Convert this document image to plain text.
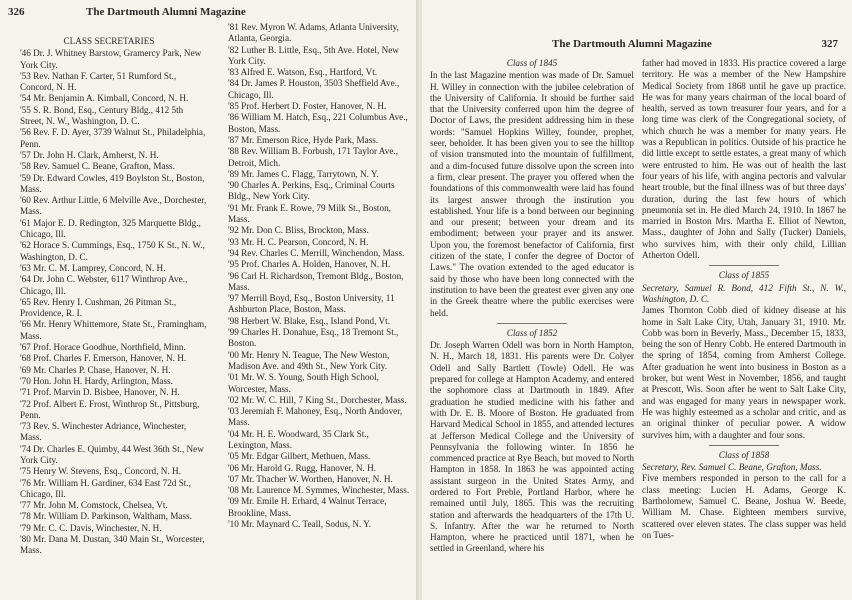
326	The Dartmouth Alumni Magazine
CLASS SECRETARIES

'46 Dr. J. Whitney Barstow, Gramercy Park, New York City.

'53 Rev. Nathan F. Carter, 51 Rumford St., Concord, N. H.

'54 Mr. Benjamin A. Kimball, Concord, N. H.

'55 S. R. Bond, Esq., Century Bldg., 412 5th Street, N. W., Washington, D. C.

'56 Rev. F. D. Ayer, 3739 Walnut St., Philadelphia, Penn.

'57 Dr. John H. Clark, Amherst, N. H.

'58 Rev. Samuel C. Beane, Grafton, Mass.

'59 Dr. Edward Cowles, 419 Boylston St., Boston, Mass.

'60 Rev. Arthur Little, 6 Melville Ave., Dorchester, Mass.

'61 Major E. D. Redington, 325 Marquette Bldg., Chicago, Ill.

'62 Horace S. Cummings, Esq., 1750 K St., N. W., Washington, D. C.

'63 Mr. C. M. Lamprey, Concord, N. H.

'64 Dr. John C. Webster, 6117 Winthrop Ave., Chicago, Ill.

'65 Rev. Henry I. Cushman, 26 Pitman St., Providence, R. I.

'66 Mr. Henry Whittemore, State St., Framingham, Mass.

'67 Prof. Horace Goodhue, Northfield, Minn.

'68 Prof. Charles F. Emerson, Hanover, N. H.

'69 Mr. Charles P. Chase, Hanover, N. H.

'70 Hon. John H. Hardy, Arlington, Mass.

'71 Prof. Marvin D. Bisbee, Hanover, N. H.

'72 Prof. Albert E. Frost, Winthrop St., Pittsburg, Penn.

'73 Rev. S. Winchester Adriance, Winchester, Mass.

'74 Dr. Charles E. Quimby, 44 West 36th St., New York City.

'75 Henry W. Stevens, Esq., Concord, N. H.

'76 Mr. William H. Gardiner, 634 East 72d St., Chicago, Ill.

'77 Mr. John M. Comstock, Chelsea, Vt.

'78 Mr. William D. Parkinson, Waltham, Mass.

'79 Mr. C. C. Davis, Winchester, N. H.

'80 Mr. Dana M. Dustan, 340 Main St., Worcester, Mass.

'81 Rev. Myron W. Adams, Atlanta University, Atlanta, Georgia.

'82 Luther B. Little, Esq., 5th Ave. Hotel, New York City.

'83 Alfred E. Watson, Esq., Hartford, Vt.

'84 Dr. James P. Houston, 3503 Sheffield Ave., Chicago, Ill.

'85 Prof. Herbert D. Foster, Hanover, N. H.

'86 William M. Hatch, Esq., 221 Columbus Ave., Boston, Mass.

'87 Mr. Emerson Rice, Hyde Park, Mass.

'88 Rev. William B. Forbush, 171 Taylor Ave., Detroit, Mich.

'89 Mr. James C. Flagg, Tarrytown, N. Y.

'90 Charles A. Perkins, Esq., Criminal Courts Bldg., New York City.

'91 Mr. Frank E. Rowe, 79 Milk St., Boston, Mass.

'92 Mr. Don C. Bliss, Brockton, Mass.

'93 Mr. H. C. Pearson, Concord, N. H.

'94 Rev. Charles C. Merrill, Winchendon, Mass.

'95 Prof. Charles A. Holden, Hanover, N. H.

'96 Carl H. Richardson, Tremont Bldg., Boston, Mass.

'97 Merrill Boyd, Esq., Boston University, 11 Ashburton Place, Boston, Mass.

'98 Herbert W. Blake, Esq., Island Pond, Vt.

'99 Charles H. Donahue, Esq., 18 Tremont St., Boston.

'00 Mr. Henry N. Teague, The New Weston, Madison Ave. and 49th St., New York City.

'01 Mr. W. S. Young, South High School, Worcester, Mass.

'02 Mr. W. C. Hill, 7 King St., Dorchester, Mass.

'03 Jeremiah F. Mahoney, Esq., North Andover, Mass.

'04 Mr. H. E. Woodward, 35 Clark St., Lexington, Mass.

'05 Mr. Edgar Gilbert, Methuen, Mass.

'06 Mr. Harold G. Rugg, Hanover, N. H.

'07 Mr. Thacher W. Worthen, Hanover, N. H.

'08 Mr. Laurence M. Symmes, Winchester, Mass.

'09 Mr. Emile H. Erhard, 4 Walnut Terrace, Brookline, Mass.

'10 Mr. Maynard C. Teall, Sodus, N. Y.

The Dartmouth Alumni Magazine	327
Class of 1845

In the last Magazine mention was made of Dr. Samuel H. Willey in connection with the jubilee celebration of the University of California. It should be further said that the University conferred upon him the degree of Doctor of Laws, the president addressing him in these words: "Samuel Hopkins Willey, founder, prophet, seer, beholder. It has been given you to see the hilltop of vision transmuted into the mountain of fulfillment, and a dim-focused future dissolve upon the screen into a firm, clear present. The prayer you offered when the foundations of this commonwealth were laid has found its largest answer through the institution you established. Your life is a bond between our beginning and our present; between your dream and its embodiment; between your prayer and its answer. Upon you, the foremost benefactor of California, first citizen of the state, I confer the degree of Doctor of Laws." The ovation extended to the aged educator is said by those who have been long connected with the institution to have been the greatest ever given any one in the Greek theatre where the public exercises were held.

Class of 1852

Dr. Joseph Warren Odell was born in North Hampton, N. H., March 18, 1831. His parents were Dr. Colyer Odell and Sally Bartlett (Towle) Odell. He was prepared for college at Hampton Academy, and entered the sophomore class at Dartmouth in 1849. After graduation he studied medicine with his father and with Dr. E. B. Moore of Boston. He graduated from Harvard Medical School in 1855, and attended lectures at Jefferson Medical College and the University of Pennsylvania the following winter. In 1856 he commenced practice at Rye Beach, but moved to North Hampton in 1858. In 1863 he was appointed acting assistant surgeon in the United States Army, and ordered to Fort Preble, Portland Harbor, where he remained until July, 1865. This was the recruiting station and afterwards the headquarters of the 17th U. S. Infantry. After the war he returned to North Hampton, where he practiced until 1871, when he settled in Greenland, where his

father had moved in 1833. His practice covered a large territory. He was a member of the New Hampshire Medical Society from 1868 until he gave up practice. He was for many years chairman of the local board of health, served as town treasurer four years, and for a long time was clerk of the Congregational society, of which church he was a member for many years. He was a Republican in politics. Outside of his practice he did little except to settle estates, a great many of which were entrusted to him. He was out of health the last four years of his life, with angina pectoris and valvular heart trouble, but the final illness was of but three days' duration, during the last few hours of which pneumonia set in. He died March 24, 1910. In 1867 he married in Boston Mrs. Martha E. Elliot of Newton, Mass., daughter of John and Sally (Tucker) Daniels, who survives him, with their only child, Lillian Atherton Odell.

Class of 1855

Secretary, Samuel R. Bond, 412 Fifth St., N. W., Washington, D. C.

James Thornton Cobb died of kidney disease at his home in Salt Lake City, Utah, January 31, 1910. Mr. Cobb was born in Beverly, Mass., December 15, 1833, being the son of Henry Cobb. He entered Dartmouth in the spring of 1854, coming from Amherst College. After graduation he went into business in Boston as a broker, but went West in November, 1856, and taught at Prescott, Wis. Soon after he went to Salt Lake City, and was engaged for many years in newspaper work. He was highly esteemed as a scholar and critic, and as an original thinker of peculiar power. A widow survives him, with a daughter and four sons.

Class of 1858

Secretary, Rev. Samuel C. Beane, Grafton, Mass.

Five members responded in person to the call for a class meeting: Lucien H. Adams, George K. Bartholomew, Samuel C. Beane, Joshua W. Beede, William M. Chase. Eighteen members survive, scattered over eleven states. The class supper was held on Tues-
